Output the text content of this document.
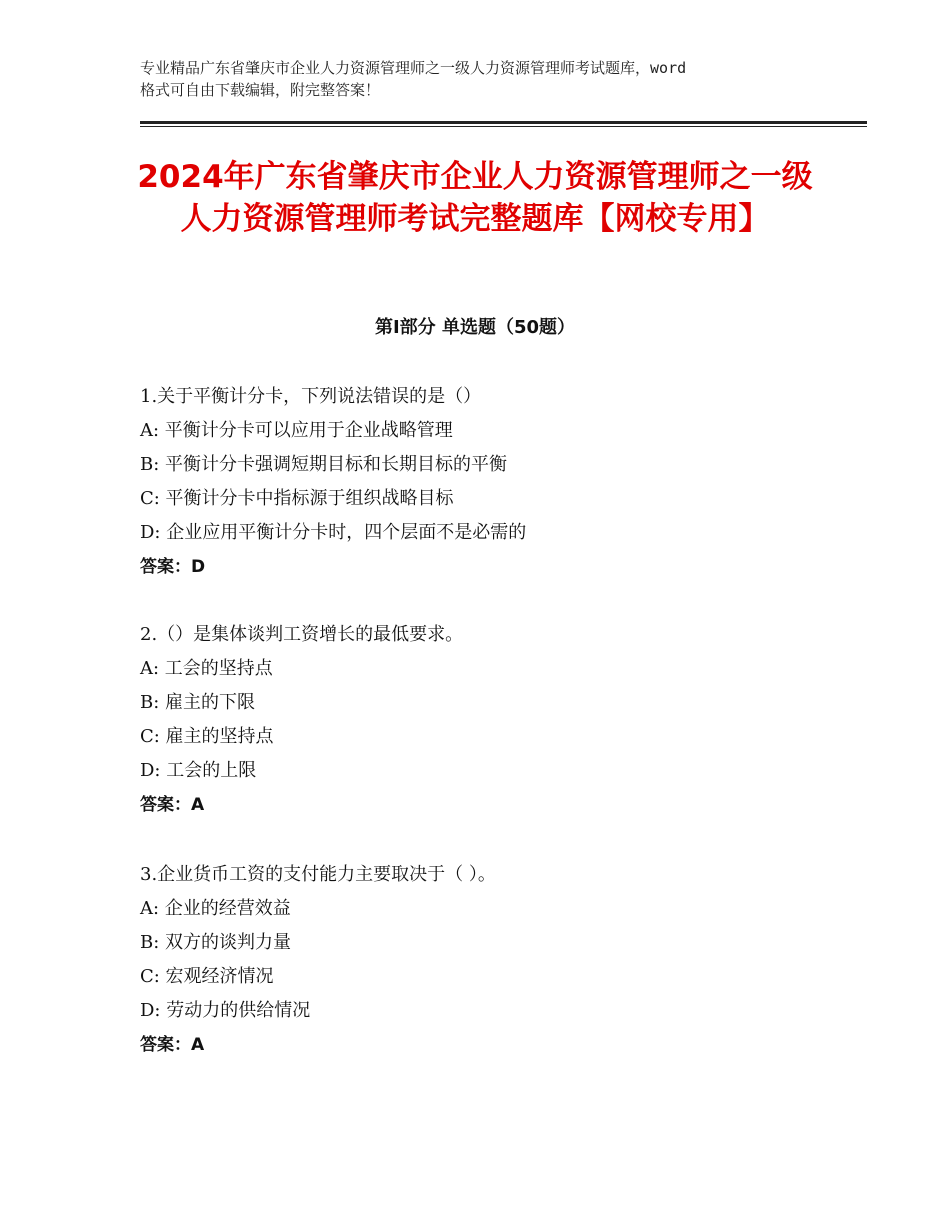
专业精品广东省肇庆市企业人力资源管理师之一级人力资源管理师考试题库，word
格式可自由下载编辑，附完整答案！
2024年广东省肇庆市企业人力资源管理师之一级人力资源管理师考试完整题库【网校专用】
第Ⅰ部分 单选题（50题）
1.关于平衡计分卡，下列说法错误的是（）
A: 平衡计分卡可以应用于企业战略管理
B: 平衡计分卡强调短期目标和长期目标的平衡
C: 平衡计分卡中指标源于组织战略目标
D: 企业应用平衡计分卡时，四个层面不是必需的
答案：D
2.（）是集体谈判工资增长的最低要求。
A: 工会的坚持点
B: 雇主的下限
C: 雇主的坚持点
D: 工会的上限
答案：A
3.企业货币工资的支付能力主要取决于（ ）。
A: 企业的经营效益
B: 双方的谈判力量
C: 宏观经济情况
D: 劳动力的供给情况
答案：A
